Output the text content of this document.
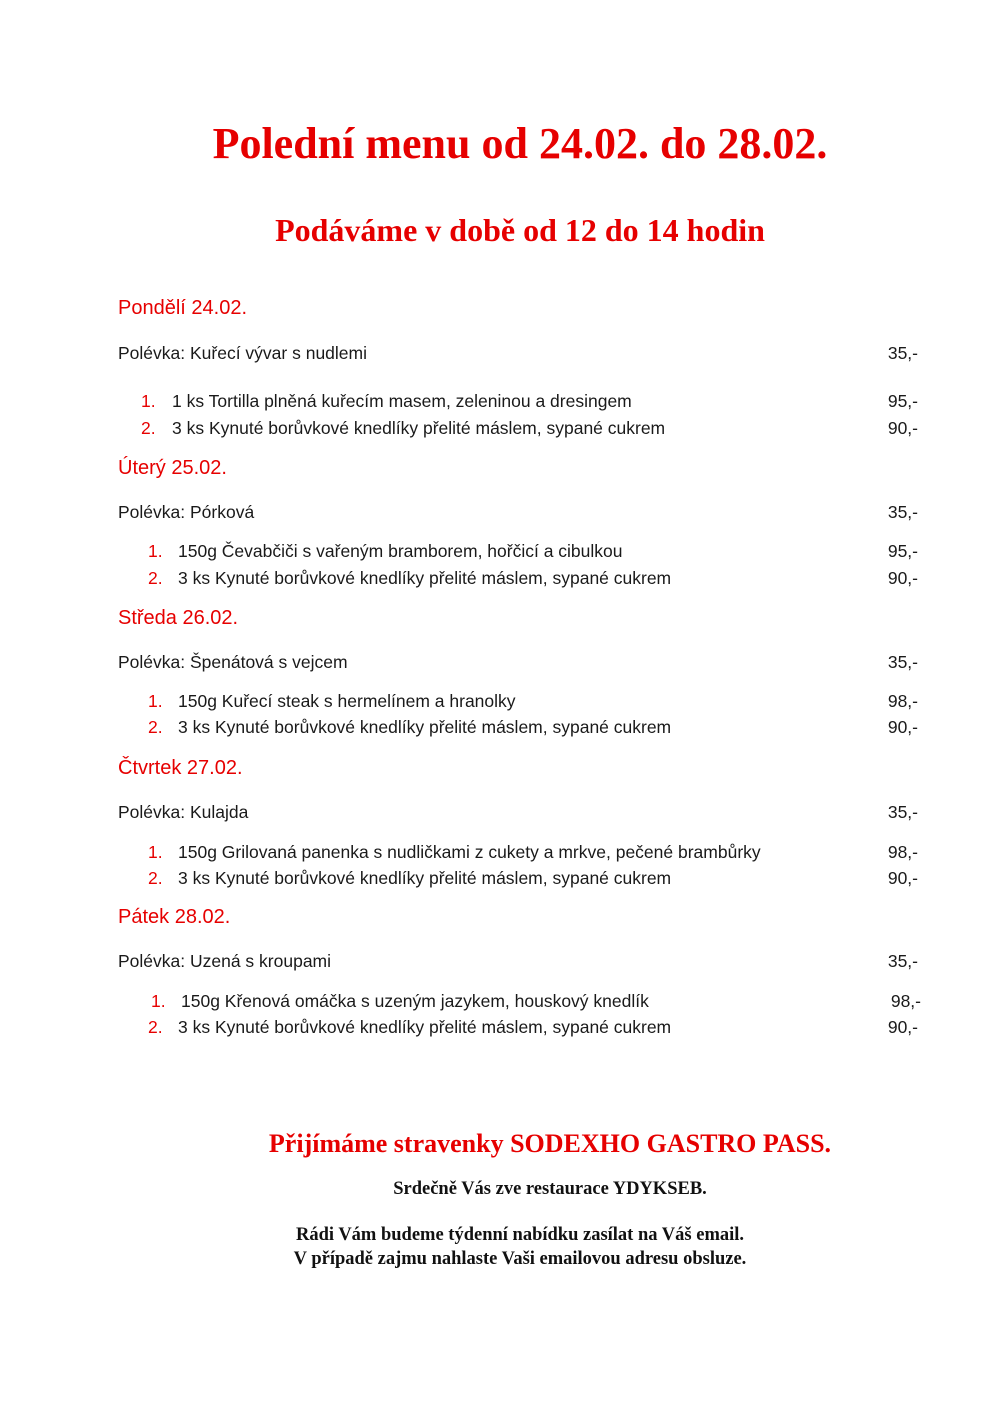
Polední menu od 24.02. do 28.02.
Podáváme v době od 12 do 14 hodin
Pondělí 24.02.
Polévka: Kuřecí vývar s nudlemi	35,-
1. 1 ks Tortilla plněná kuřecím masem, zeleninou a dresingem	95,-
2. 3 ks Kynuté borůvkové knedlíky přelité máslem, sypané cukrem	90,-
Úterý 25.02.
Polévka: Pórková	35,-
1. 150g Čevabčiči s vařeným bramborem, hořčicí a cibulkou	95,-
2. 3 ks Kynuté borůvkové knedlíky přelité máslem, sypané cukrem	90,-
Středa 26.02.
Polévka: Špenátová s vejcem	35,-
1. 150g Kuřecí steak s hermelínem a hranolky	98,-
2. 3 ks Kynuté borůvkové knedlíky přelité máslem, sypané cukrem	90,-
Čtvrtek 27.02.
Polévka: Kulajda	35,-
1. 150g Grilovaná panenka s nudličkami z cukety a mrkve, pečené brambůrky	98,-
2. 3 ks Kynuté borůvkové knedlíky přelité máslem, sypané cukrem	90,-
Pátek 28.02.
Polévka: Uzená s kroupami	35,-
1. 150g Křenová omáčka s uzeným jazykem, houskový knedlík	98,-
2. 3 ks Kynuté borůvkové knedlíky přelité máslem, sypané cukrem	90,-
Přijímáme stravenky SODEXHO GASTRO PASS.
Srdečně Vás zve restaurace YDYKSEB.
Rádi Vám budeme týdenní nabídku zasílat na Váš email.
V případě zajmu nahlaste Vaši emailovou adresu obsluze.
